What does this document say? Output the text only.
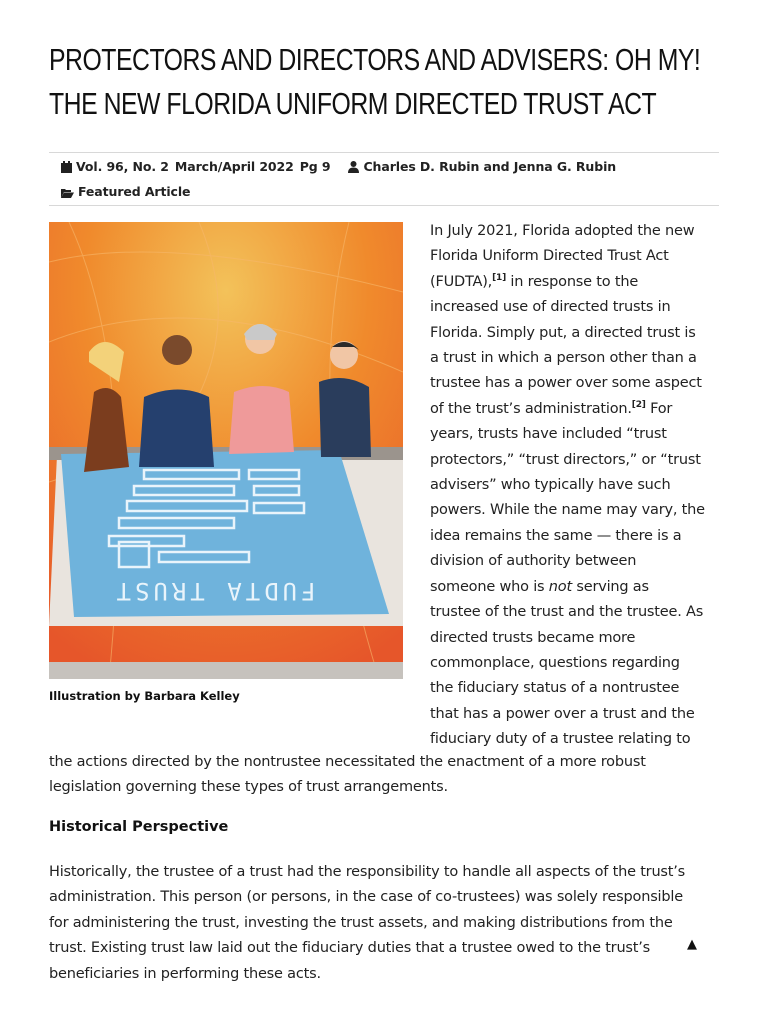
PROTECTORS AND DIRECTORS AND ADVISERS: OH MY! THE NEW FLORIDA UNIFORM DIRECTED TRUST ACT
Vol. 96, No. 2 March/April 2022 Pg 9	Charles D. Rubin and Jenna G. Rubin
Featured Article
FUDTA TRUST
Illustration by Barbara Kelley
In July 2021, Florida adopted the new
Florida Uniform Directed Trust Act
(FUDTA),[1] in response to the
increased use of directed trusts in
Florida. Simply put, a directed trust is
a trust in which a person other than a
trustee has a power over some aspect
of the trust’s administration.[2] For
years, trusts have included “trust
protectors,” “trust directors,” or “trust
advisers” who typically have such
powers. While the name may vary, the
idea remains the same — there is a
division of authority between
someone who is not serving as
trustee of the trust and the trustee. As
directed trusts became more
commonplace, questions regarding
the fiduciary status of a nontrustee
that has a power over a trust and the
fiduciary duty of a trustee relating to
the actions directed by the nontrustee necessitated the enactment of a more robust
legislation governing these types of trust arrangements.
Historical Perspective
Historically, the trustee of a trust had the responsibility to handle all aspects of the trust’s
administration. This person (or persons, in the case of co-trustees) was solely responsible
for administering the trust, investing the trust assets, and making distributions from the
trust. Existing trust law laid out the fiduciary duties that a trustee owed to the trust’s
beneficiaries in performing these acts.
▲
